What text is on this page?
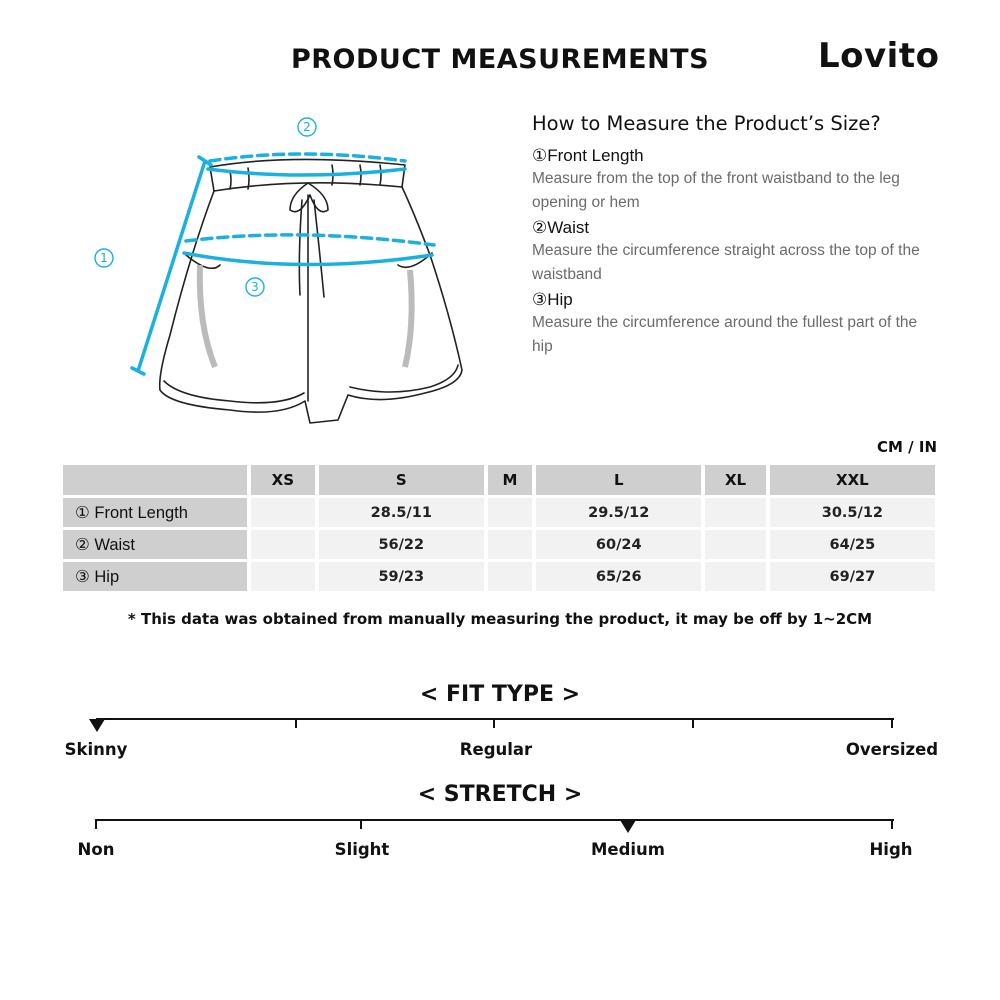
PRODUCT MEASUREMENTS	Lovito
2
1
3
How to Measure the Product’s Size?
①Front Length
Measure from the top of the front waistband to the leg opening or hem
②Waist
Measure the circumference straight across the top of the waistband
③Hip
Measure the circumference around the fullest part of the hip
CM / IN
	XS	S	M	L	XL	XXL
① Front Length		28.5/11		29.5/12		30.5/12
② Waist		56/22		60/24		64/25
③ Hip		59/23		65/26		69/27
* This data was obtained from manually measuring the product, it may be off by 1~2CM
< FIT TYPE >
Skinny	Regular	Oversized
< STRETCH >
Non	Slight	Medium	High
